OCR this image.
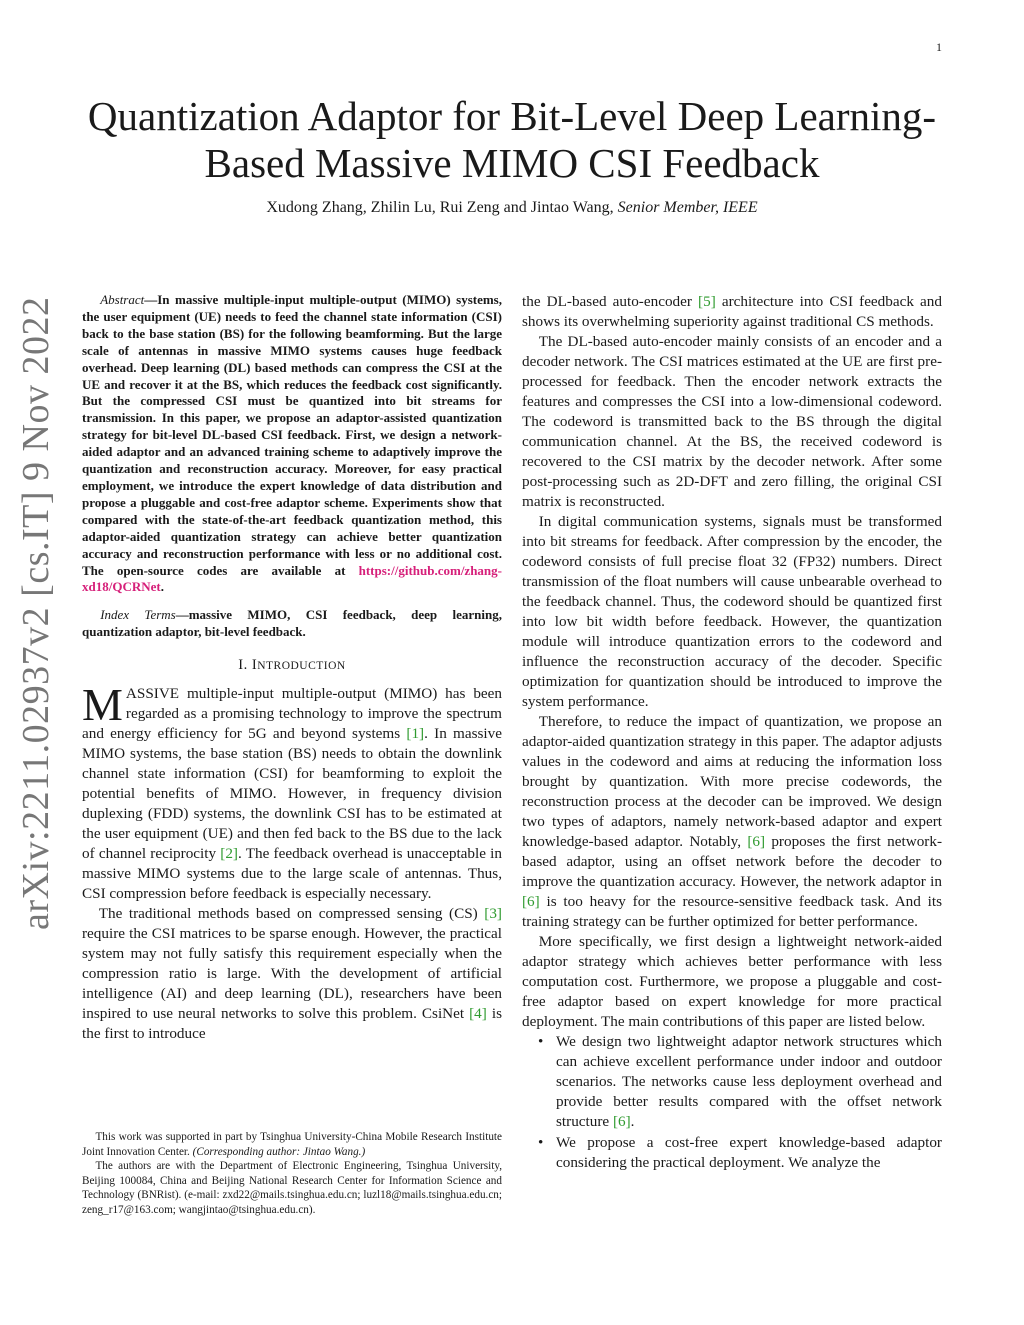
1
arXiv:2211.02937v2 [cs.IT] 9 Nov 2022
Quantization Adaptor for Bit-Level Deep Learning-Based Massive MIMO CSI Feedback

Xudong Zhang, Zhilin Lu, Rui Zeng and Jintao Wang, Senior Member, IEEE

Abstract—In massive multiple-input multiple-output (MIMO) systems, the user equipment (UE) needs to feed the channel state information (CSI) back to the base station (BS) for the following beamforming. But the large scale of antennas in massive MIMO systems causes huge feedback overhead. Deep learning (DL) based methods can compress the CSI at the UE and recover it at the BS, which reduces the feedback cost significantly. But the compressed CSI must be quantized into bit streams for transmission. In this paper, we propose an adaptor-assisted quantization strategy for bit-level DL-based CSI feedback. First, we design a network-aided adaptor and an advanced training scheme to adaptively improve the quantization and reconstruction accuracy. Moreover, for easy practical employment, we introduce the expert knowledge of data distribution and propose a pluggable and cost-free adaptor scheme. Experiments show that compared with the state-of-the-art feedback quantization method, this adaptor-aided quantization strategy can achieve better quantization accuracy and reconstruction performance with less or no additional cost. The open-source codes are available at https://github.com/zhang-xd18/QCRNet.

Index Terms—massive MIMO, CSI feedback, deep learning, quantization adaptor, bit-level feedback.

I. INTRODUCTION

MASSIVE multiple-input multiple-output (MIMO) has been regarded as a promising technology to improve the spectrum and energy efficiency for 5G and beyond systems [1]. In massive MIMO systems, the base station (BS) needs to obtain the downlink channel state information (CSI) for beamforming to exploit the potential benefits of MIMO. However, in frequency division duplexing (FDD) systems, the downlink CSI has to be estimated at the user equipment (UE) and then fed back to the BS due to the lack of channel reciprocity [2]. The feedback overhead is unacceptable in massive MIMO systems due to the large scale of antennas. Thus, CSI compression before feedback is especially necessary.

The traditional methods based on compressed sensing (CS) [3] require the CSI matrices to be sparse enough. However, the practical system may not fully satisfy this requirement especially when the compression ratio is large. With the development of artificial intelligence (AI) and deep learning (DL), researchers have been inspired to use neural networks to solve this problem. CsiNet [4] is the first to introduce

This work was supported in part by Tsinghua University-China Mobile Research Institute Joint Innovation Center. (Corresponding author: Jintao Wang.)

The authors are with the Department of Electronic Engineering, Tsinghua University, Beijing 100084, China and Beijing National Research Center for Information Science and Technology (BNRist). (e-mail: zxd22@mails.tsinghua.edu.cn; luzl18@mails.tsinghua.edu.cn; zeng_r17@163.com; wangjintao@tsinghua.edu.cn).

the DL-based auto-encoder [5] architecture into CSI feedback and shows its overwhelming superiority against traditional CS methods.

The DL-based auto-encoder mainly consists of an encoder and a decoder network. The CSI matrices estimated at the UE are first pre-processed for feedback. Then the encoder network extracts the features and compresses the CSI into a low-dimensional codeword. The codeword is transmitted back to the BS through the digital communication channel. At the BS, the received codeword is recovered to the CSI matrix by the decoder network. After some post-processing such as 2D-DFT and zero filling, the original CSI matrix is reconstructed.

In digital communication systems, signals must be transformed into bit streams for feedback. After compression by the encoder, the codeword consists of full precise float 32 (FP32) numbers. Direct transmission of the float numbers will cause unbearable overhead to the feedback channel. Thus, the codeword should be quantized first into low bit width before feedback. However, the quantization module will introduce quantization errors to the codeword and influence the reconstruction accuracy of the decoder. Specific optimization for quantization should be introduced to improve the system performance.

Therefore, to reduce the impact of quantization, we propose an adaptor-aided quantization strategy in this paper. The adaptor adjusts values in the codeword and aims at reducing the information loss brought by quantization. With more precise codewords, the reconstruction process at the decoder can be improved. We design two types of adaptors, namely network-based adaptor and expert knowledge-based adaptor. Notably, [6] proposes the first network-based adaptor, using an offset network before the decoder to improve the quantization accuracy. However, the network adaptor in [6] is too heavy for the resource-sensitive feedback task. And its training strategy can be further optimized for better performance.

More specifically, we first design a lightweight network-aided adaptor strategy which achieves better performance with less computation cost. Furthermore, we propose a pluggable and cost-free adaptor based on expert knowledge for more practical deployment. The main contributions of this paper are listed below.

• We design two lightweight adaptor network structures which can achieve excellent performance under indoor and outdoor scenarios. The networks cause less deployment overhead and provide better results compared with the offset network structure [6].
• We propose a cost-free expert knowledge-based adaptor considering the practical deployment. We analyze the
